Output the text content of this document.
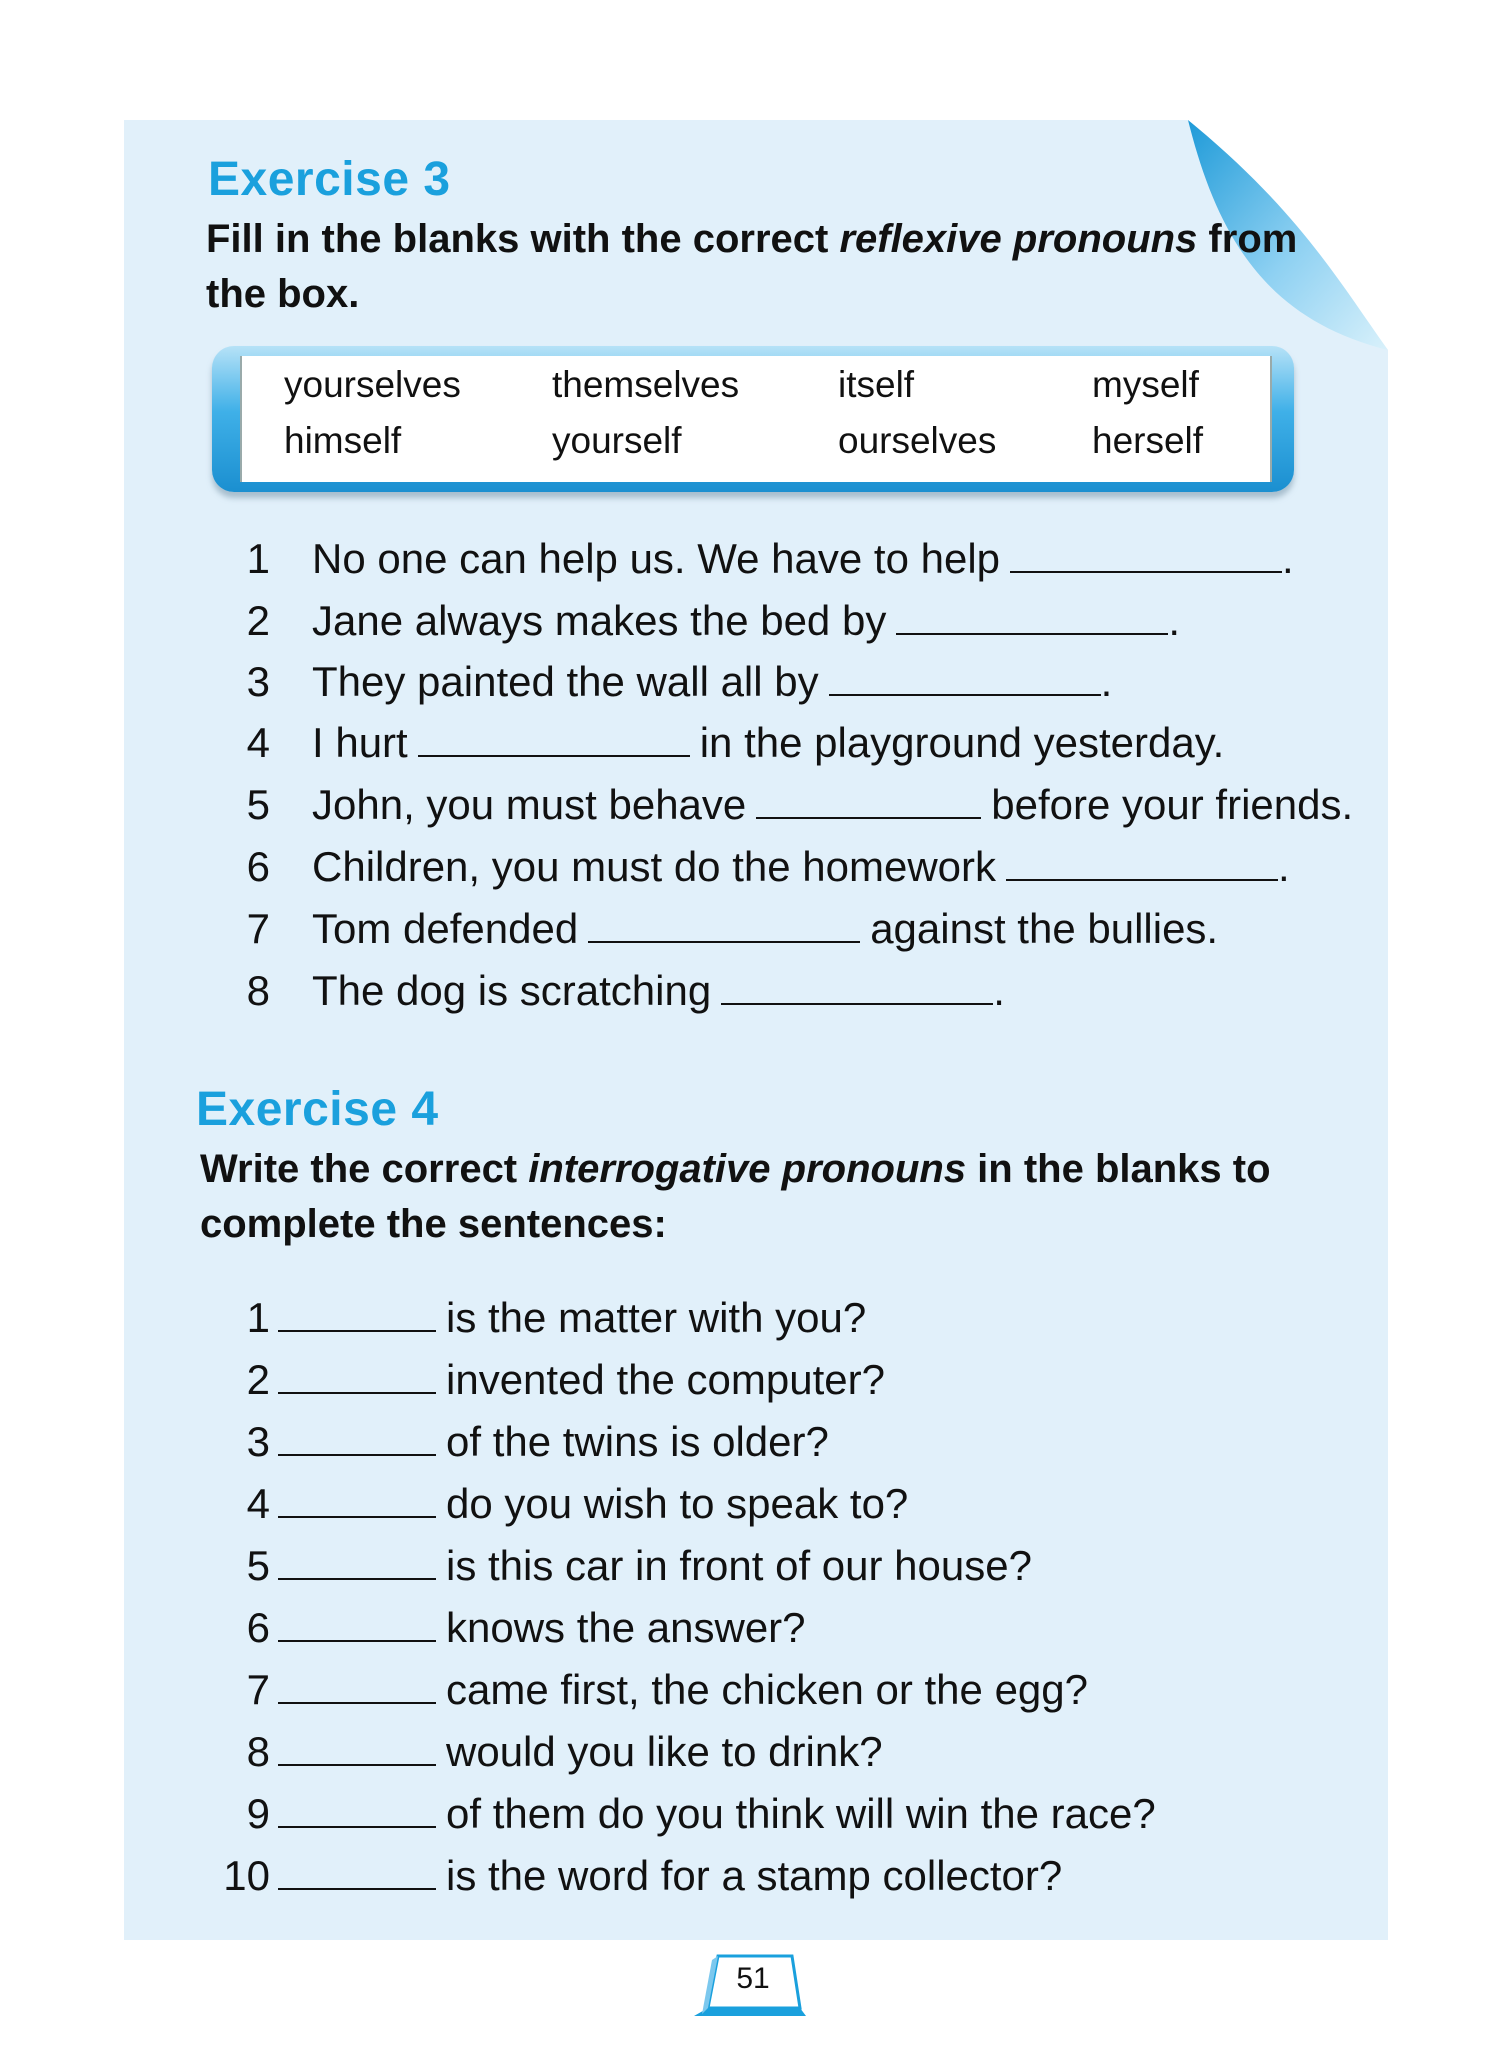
Exercise 3

Fill in the blanks with the correct reflexive pronouns from the box.

yourselves themselves	itself	myself
himself	yourself	ourselves	herself
1 No one can help us. We have to help	.
2 Jane always makes the bed by	.
3 They painted the wall all by	.
4 I hurt	in the playground yesterday.
5 John, you must behave	before your friends.
6 Children, you must do the homework	.
7 Tom defended	against the bullies.
8 The dog is scratching	.
Exercise 4

Write the correct interrogative pronouns in the blanks to complete the sentences:

1	is the matter with you?
2	invented the computer?
3	of the twins is older?
4	do you wish to speak to?
5	is this car in front of our house?
6	knows the answer?
7	came first, the chicken or the egg?
8	would you like to drink?
9	of them do you think will win the race?
10	is the word for a stamp collector?
51
